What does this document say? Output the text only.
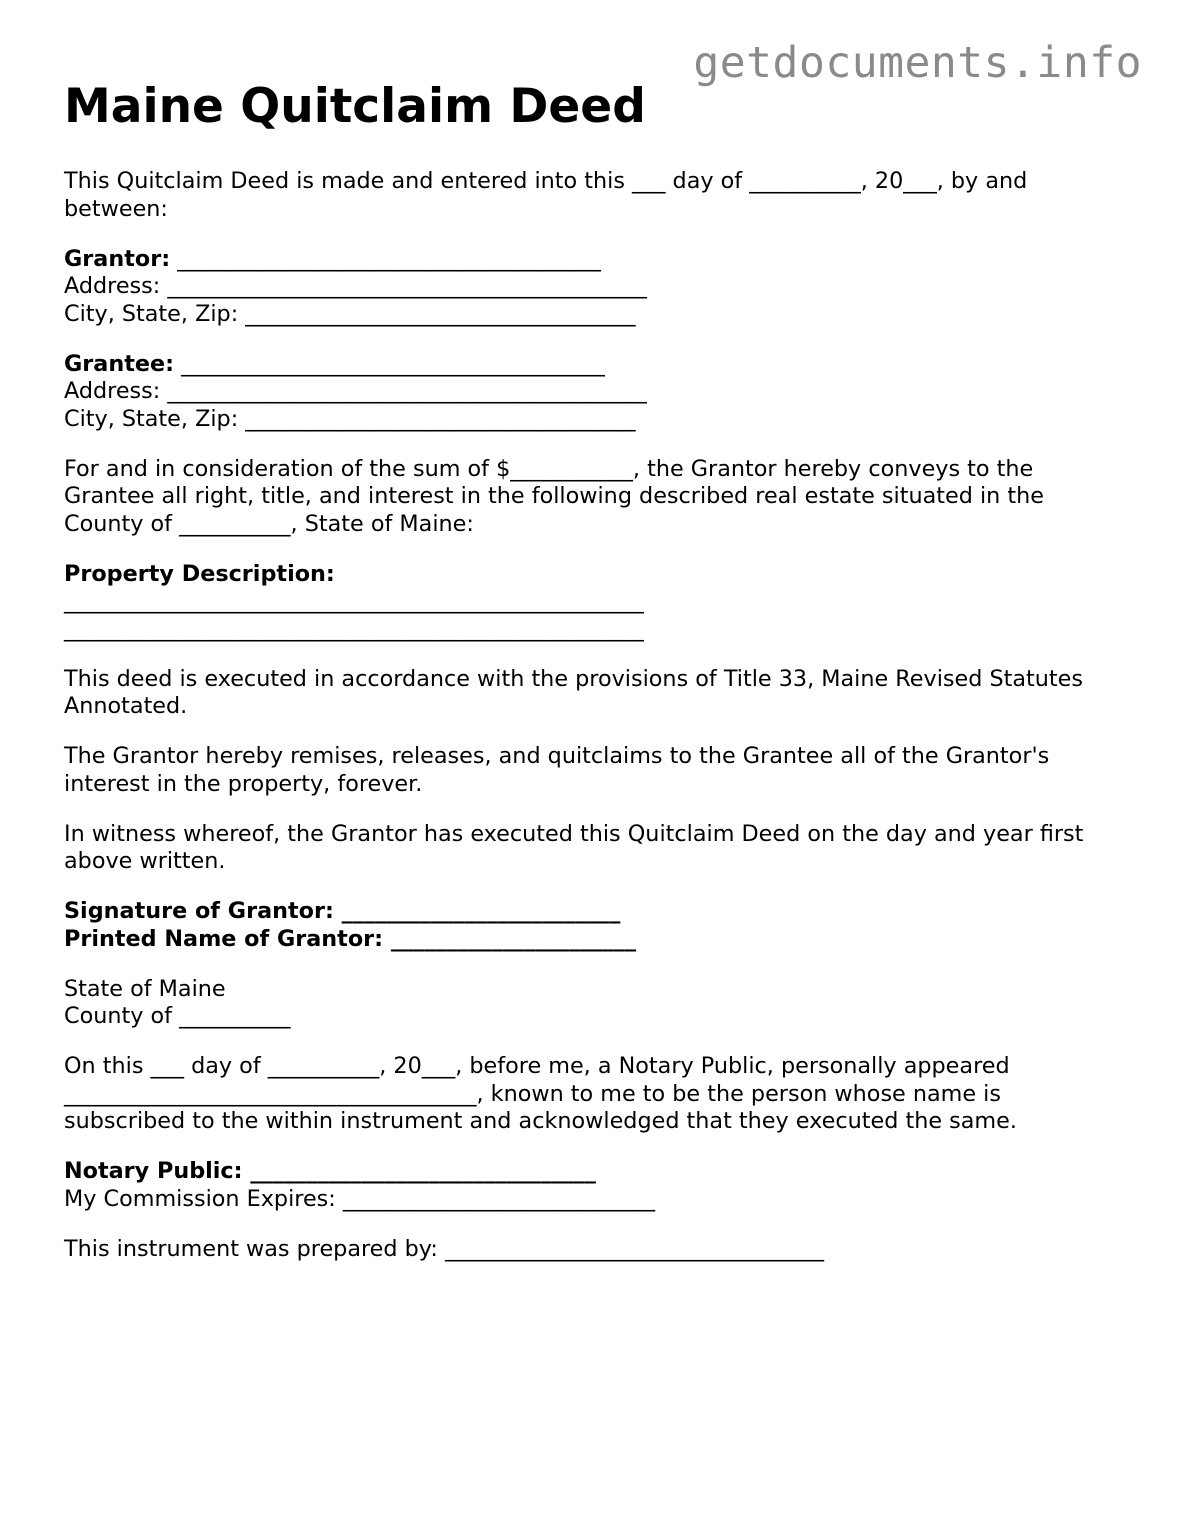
getdocuments.info
Maine Quitclaim Deed

This Quitclaim Deed is made and entered into this ___ day of __________, 20___, by and between:

Grantor: ______________________________________
Address: ___________________________________________
City, State, Zip: ___________________________________

Grantee: ______________________________________
Address: ___________________________________________
City, State, Zip: ___________________________________

For and in consideration of the sum of $___________, the Grantor hereby conveys to the Grantee all right, title, and interest in the following described real estate situated in the County of __________, State of Maine:

Property Description:
____________________________________________________
____________________________________________________

This deed is executed in accordance with the provisions of Title 33, Maine Revised Statutes Annotated.

The Grantor hereby remises, releases, and quitclaims to the Grantee all of the Grantor's interest in the property, forever.

In witness whereof, the Grantor has executed this Quitclaim Deed on the day and year first above written.

Signature of Grantor: _________________________
Printed Name of Grantor: ______________________

State of Maine
County of __________

On this ___ day of __________, 20___, before me, a Notary Public, personally appeared _____________________________________, known to me to be the person whose name is subscribed to the within instrument and acknowledged that they executed the same.

Notary Public: _______________________________
My Commission Expires: ____________________________

This instrument was prepared by: __________________________________
